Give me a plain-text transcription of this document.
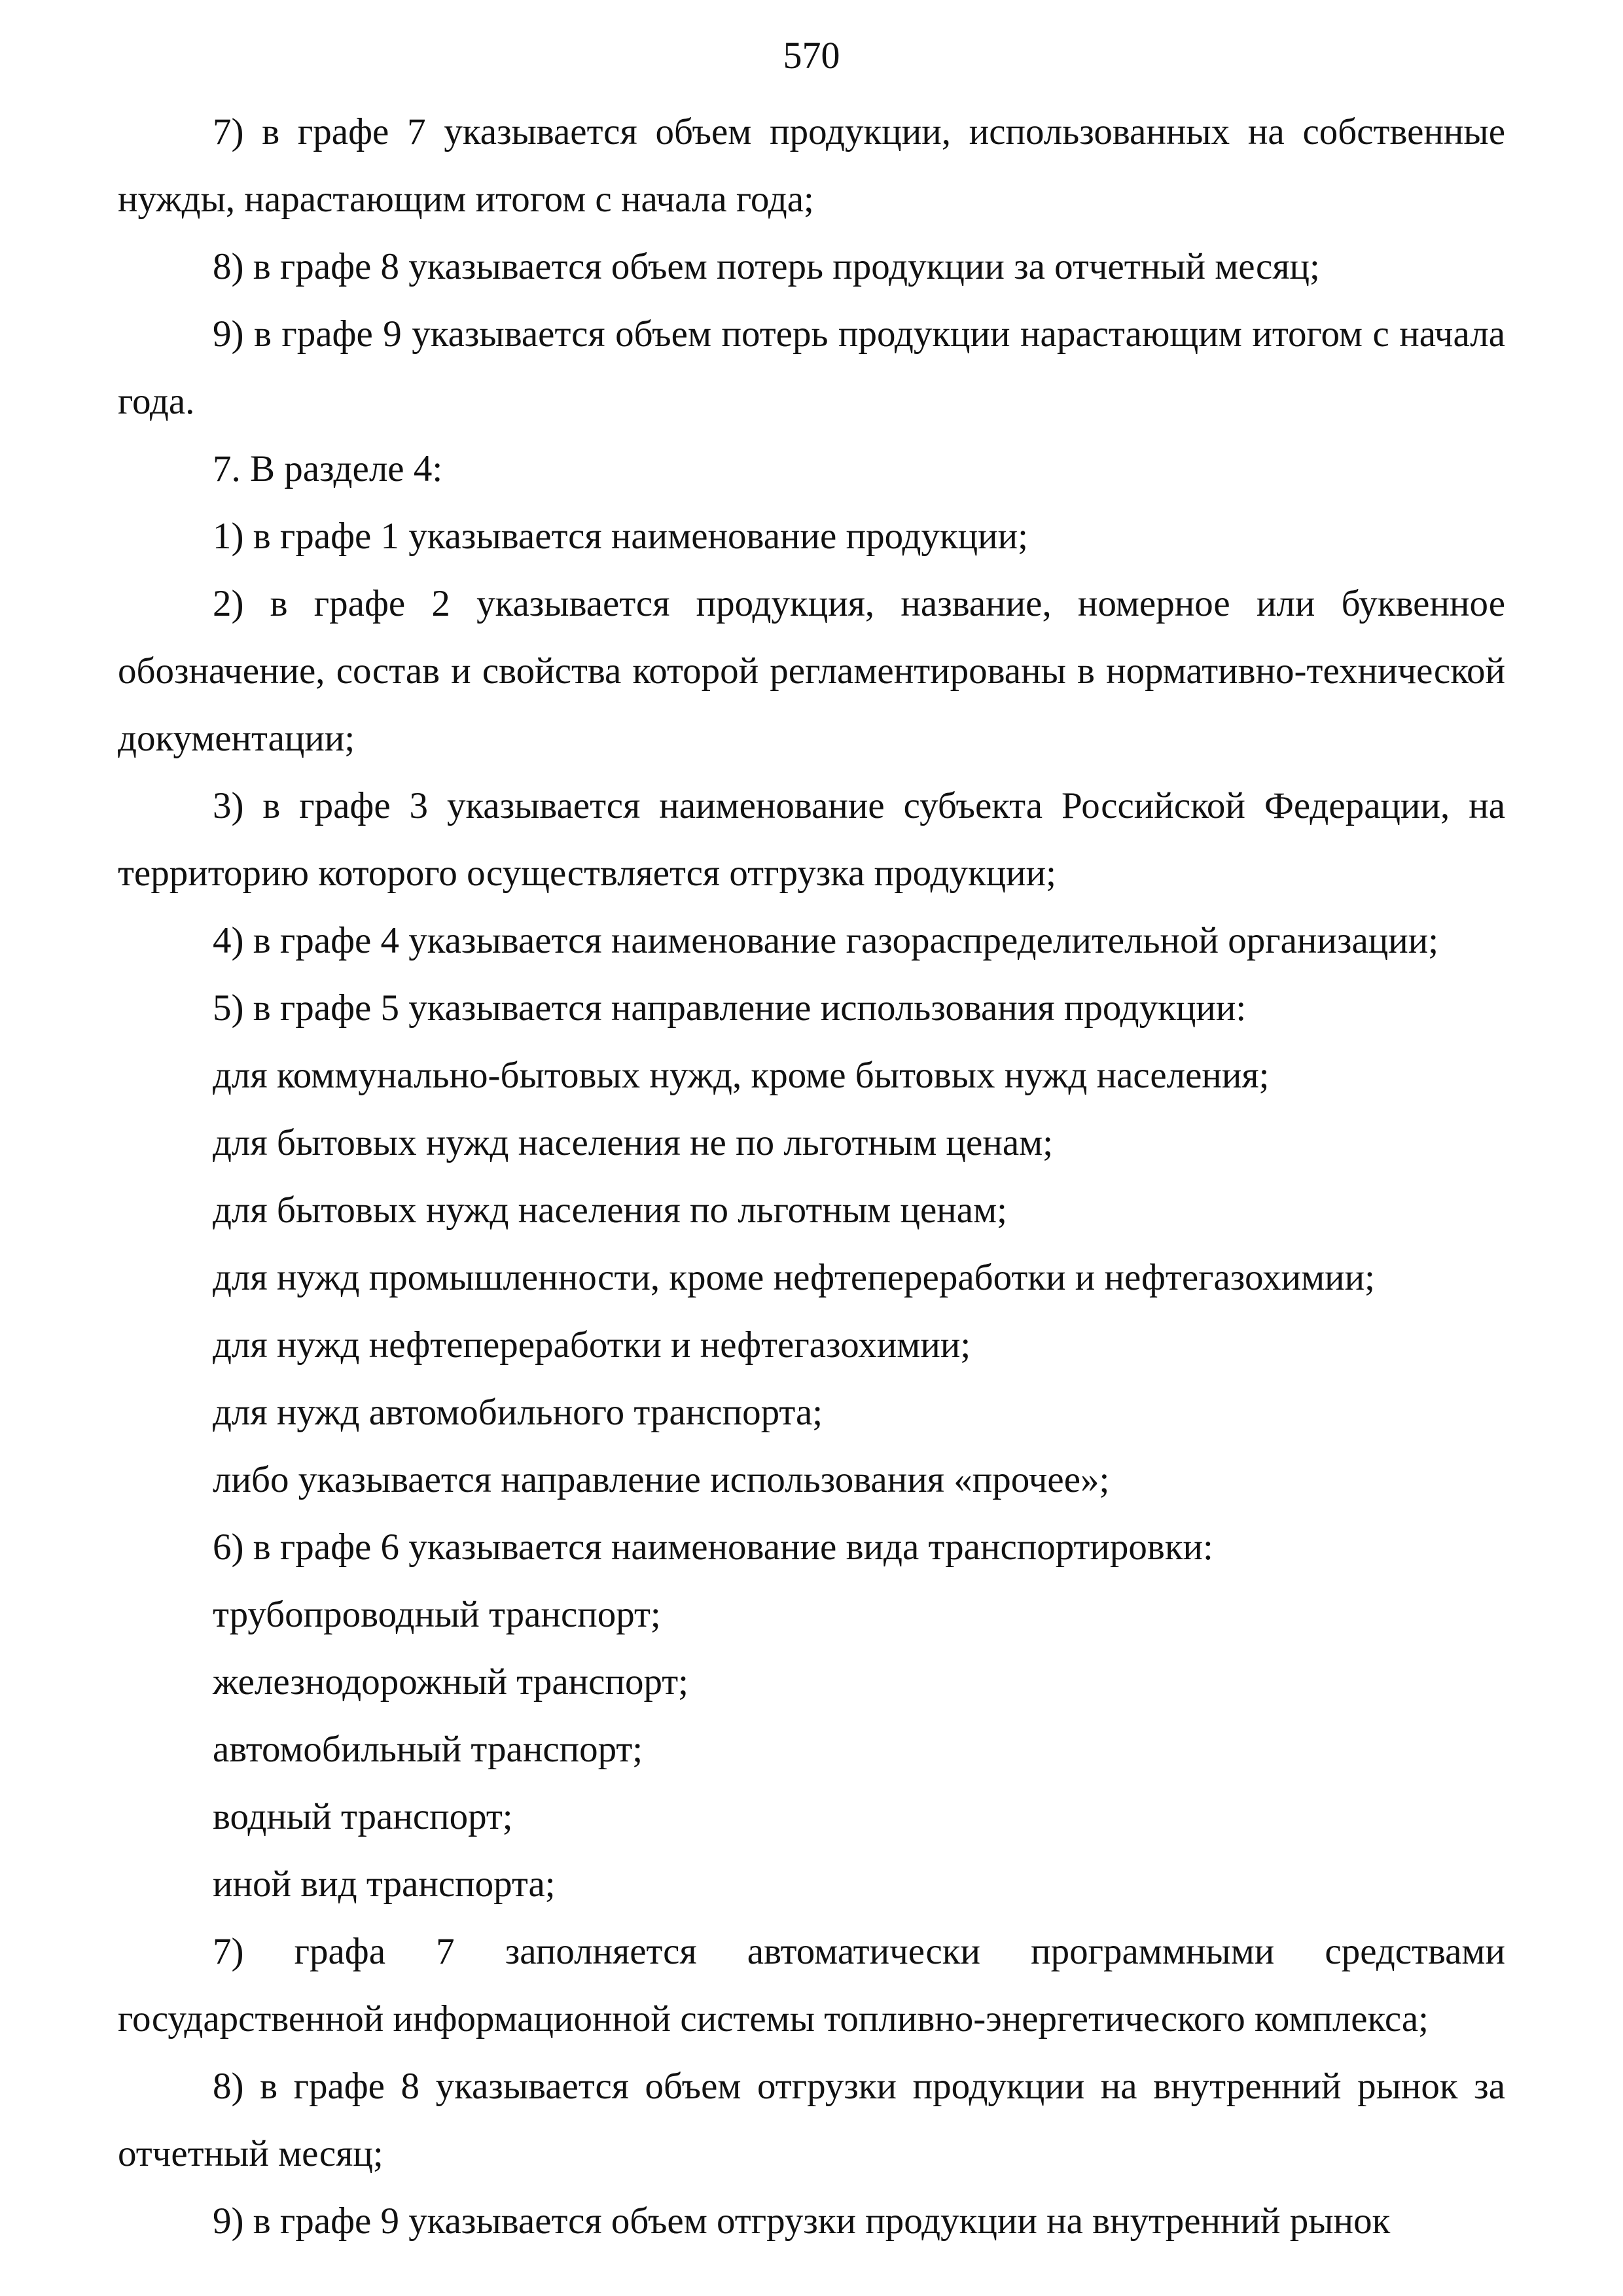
570

7) в графе 7 указывается объем продукции, использованных на собственные нужды, нарастающим итогом с начала года;

8) в графе 8 указывается объем потерь продукции за отчетный месяц;

9) в графе 9 указывается объем потерь продукции нарастающим итогом с начала года.

7. В разделе 4:

1) в графе 1 указывается наименование продукции;

2) в графе 2 указывается продукция, название, номерное или буквенное обозначение, состав и свойства которой регламентированы в нормативно-технической документации;

3) в графе 3 указывается наименование субъекта Российской Федерации, на территорию которого осуществляется отгрузка продукции;

4) в графе 4 указывается наименование газораспределительной организации;

5) в графе 5 указывается направление использования продукции:

для коммунально-бытовых нужд, кроме бытовых нужд населения;

для бытовых нужд населения не по льготным ценам;

для бытовых нужд населения по льготным ценам;

для нужд промышленности, кроме нефтепереработки и нефтегазохимии;

для нужд нефтепереработки и нефтегазохимии;

для нужд автомобильного транспорта;

либо указывается направление использования «прочее»;

6) в графе 6 указывается наименование вида транспортировки:

трубопроводный транспорт;

железнодорожный транспорт;

автомобильный транспорт;

водный транспорт;

иной вид транспорта;

7) графа 7 заполняется автоматически программными средствами государственной информационной системы топливно-энергетического комплекса;

8) в графе 8 указывается объем отгрузки продукции на внутренний рынок за отчетный месяц;

9) в графе 9 указывается объем отгрузки продукции на внутренний рынок
